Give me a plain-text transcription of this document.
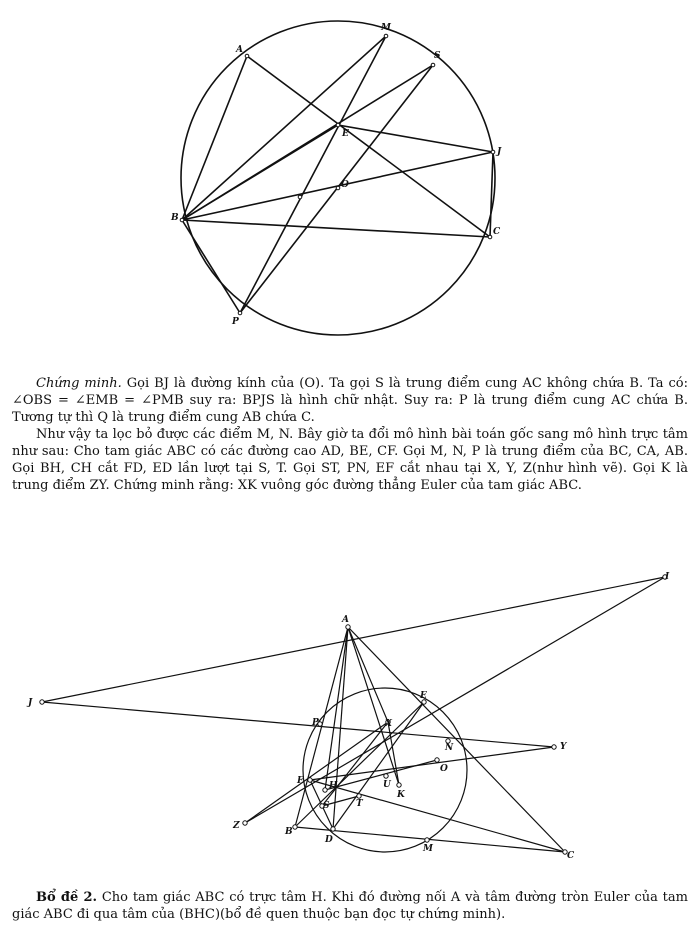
A
M
S
E
J
O
B
C
P
Chứng minh. Gọi BJ là đường kính của (O). Ta gọi S là trung điểm cung AC không chứa B. Ta có: ∠OBS = ∠EMB = ∠PMB suy ra: BPJS là hình chữ nhật. Suy ra: P là trung điểm cung AC chứa B. Tương tự thì Q là trung điểm cung AB chứa C.
Như vậy ta lọc bỏ được các điểm M, N. Bây giờ ta đổi mô hình bài toán gốc sang mô hình trực tâm như sau: Cho tam giác ABC có các đường cao AD, BE, CF. Gọi M, N, P là trung điểm của BC, CA, AB. Gọi BH, CH cắt FD, ED lần lượt tại S, T. Gọi ST, PN, EF cắt nhau tại X, Y, Z(như hình vẽ). Gọi K là trung điểm ZY. Chứng minh rằng: XK vuông góc đường thẳng Euler của tam giác ABC.
I
A
J
E
P	X
N	Y
O
F	H	U
K
T
S
Z
B
D
M
C
Bổ đề 2. Cho tam giác ABC có trực tâm H. Khi đó đường nối A và tâm đường tròn Euler của tam giác ABC đi qua tâm của (BHC)(bổ đề quen thuộc bạn đọc tự chứng minh).
